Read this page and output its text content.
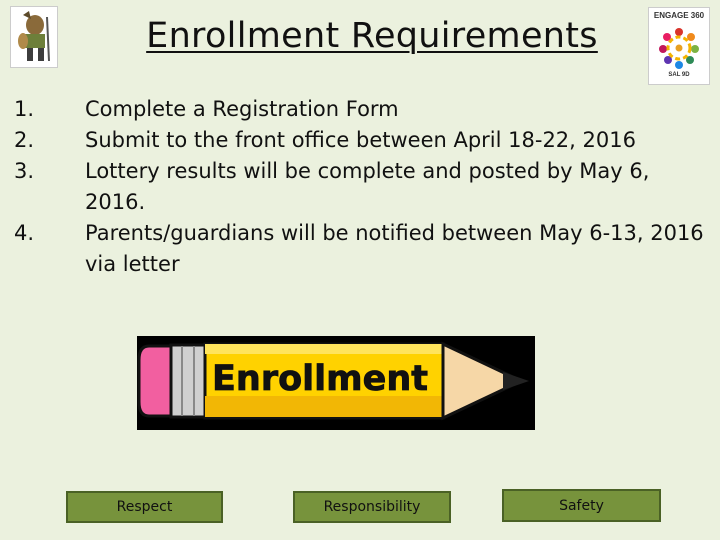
Enrollment Requirements
ENGAGE 360
SAL 9D
1.	Complete a Registration Form
2.	Submit to the front office between April 18-22, 2016
3.	Lottery results will be complete and posted by May 6, 2016.
4.	Parents/guardians will be notified between May 6-13, 2016 via letter
Enrollment
Respect	Responsibility	Safety
